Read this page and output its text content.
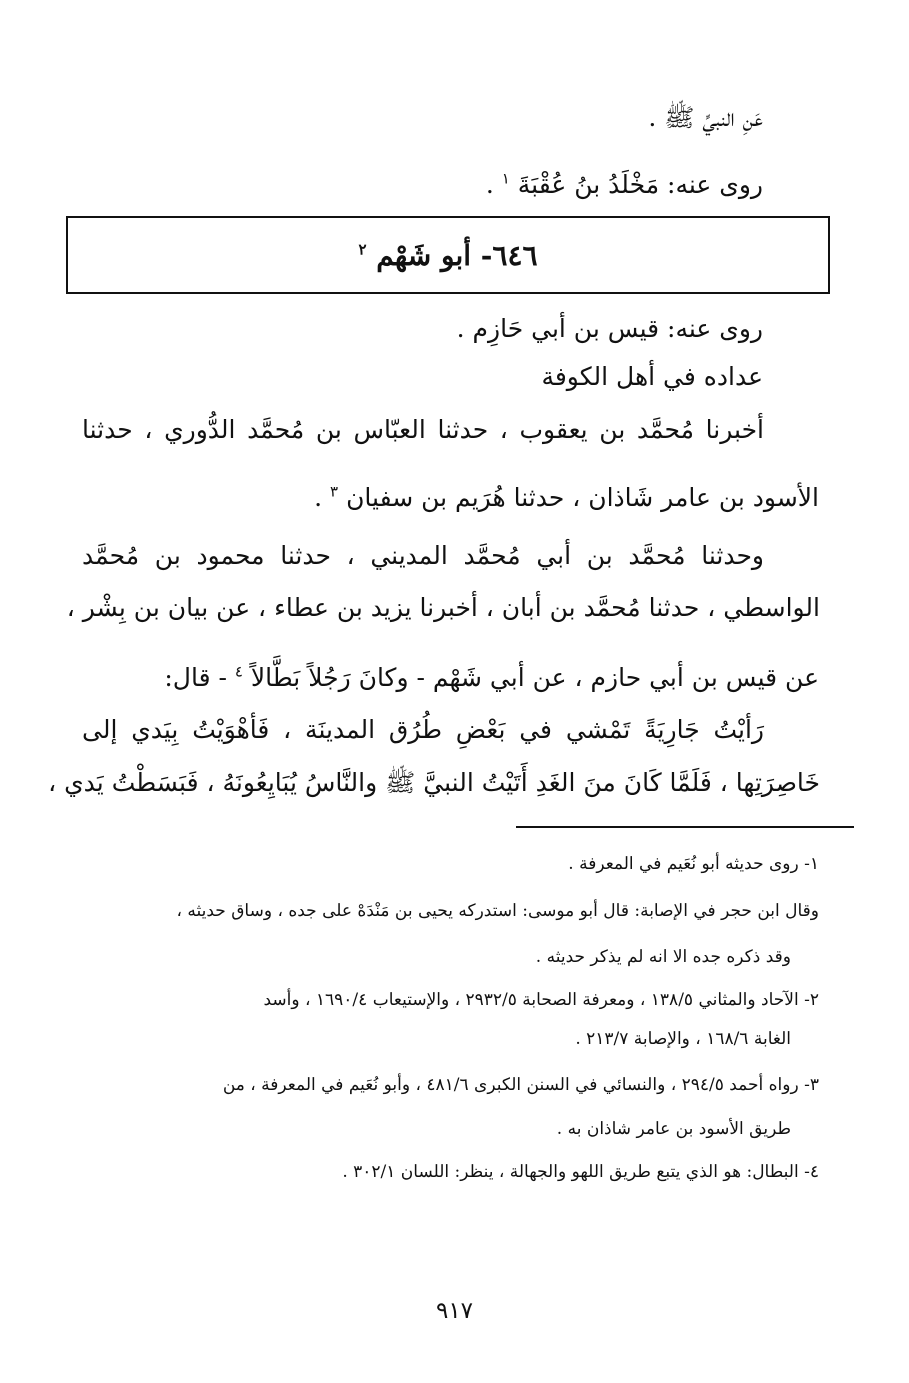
عَنِ النبيِّ ﷺ .
روى عنه: مَخْلَدُ بنُ عُقْبَةَ $^١$ .
٦٤٦- أبو شَهْم $^٢$
روى عنه: قيس بن أبي حَازِم .
عداده في أهل الكوفة
أخبرنا مُحمَّد بن يعقوب ، حدثنا العبّاس بن مُحمَّد الدُّوري ، حدثنا
الأسود بن عامر شَاذان ، حدثنا هُرَيم بن سفيان $^٣$ .
وحدثنا مُحمَّد بن أبي مُحمَّد المديني ، حدثنا محمود بن مُحمَّد
الواسطي ، حدثنا مُحمَّد بن أبان ، أخبرنا يزيد بن عطاء ، عن بيان بن بِشْر ،
عن قيس بن أبي حازم ، عن أبي شَهْم - وكانَ رَجُلاً بَطَّالاً $^٤$ - قال:
رَأيْتُ جَارِيَةً تَمْشي في بَعْضِ طُرُق المدينَة ، فَأهْوَيْتُ بِيَدي إلى
خَاصِرَتِها ، فَلَمَّا كَانَ منَ الغَدِ أَتَيْتُ النبيَّ ﷺ والنَّاسُ يُبَايِعُونَهُ ، فَبَسَطْتُ يَدي ،
١- روى حديثه أبو نُعَيم في المعرفة .
وقال ابن حجر في الإصابة: قال أبو موسى: استدركه يحيى بن مَنْدَهْ على جده ، وساق حديثه ،
وقد ذكره جده الا انه لم يذكر حديثه .
٢- الآحاد والمثاني ١٣٨/٥ ، ومعرفة الصحابة ٢٩٣٢/٥ ، والإستيعاب ١٦٩٠/٤ ، وأسد
الغابة ١٦٨/٦ ، والإصابة ٢١٣/٧ .
٣- رواه أحمد ٢٩٤/٥ ، والنسائي في السنن الكبرى ٤٨١/٦ ، وأبو نُعَيم في المعرفة ، من
طريق الأسود بن عامر شاذان به .
٤- البطال: هو الذي يتبع طريق اللهو والجهالة ، ينظر: اللسان ٣٠٢/١ .
٩١٧
